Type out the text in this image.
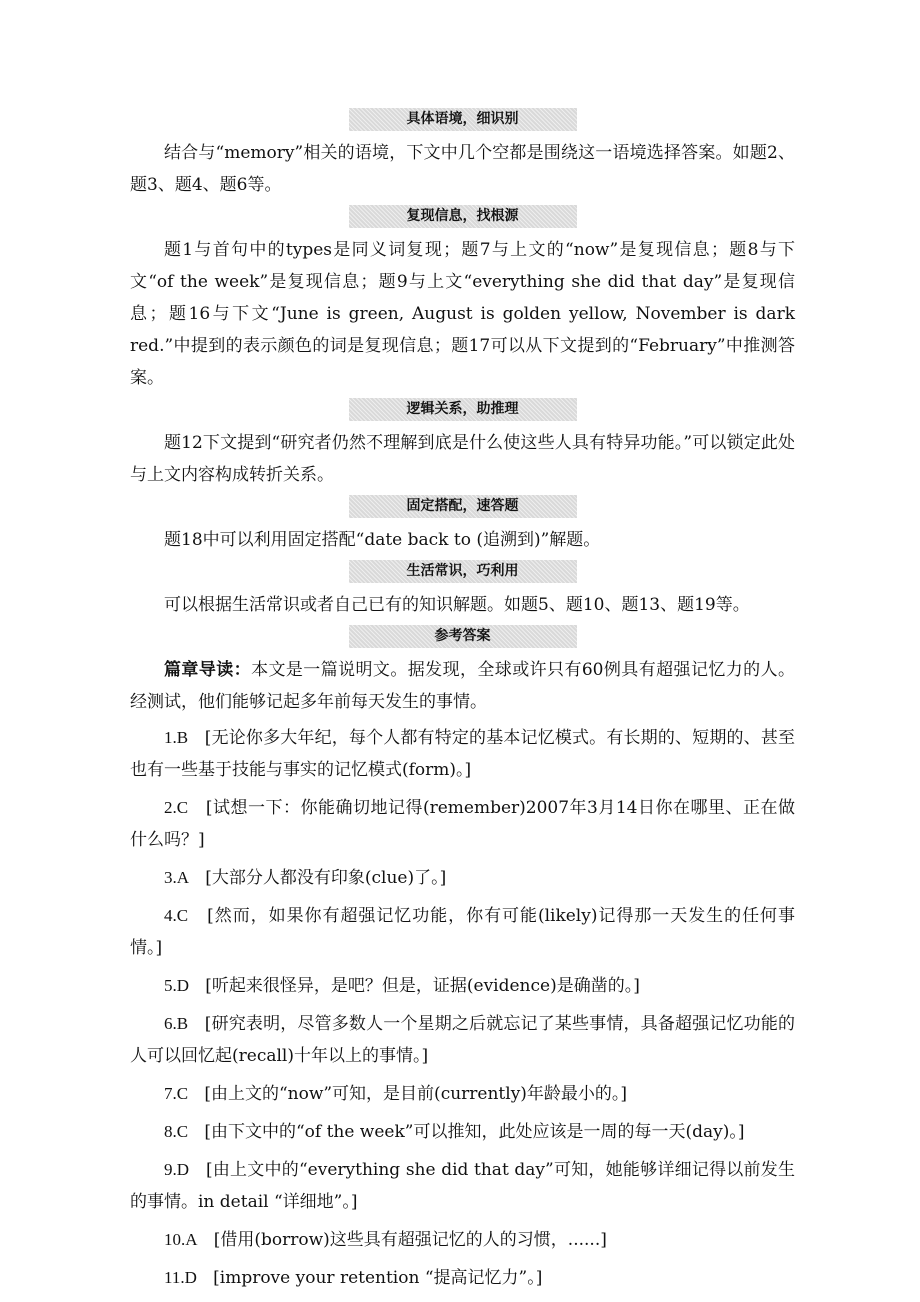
具体语境，细识别

结合与“memory”相关的语境，下文中几个空都是围绕这一语境选择答案。如题2、题3、题4、题6等。

复现信息，找根源

题1与首句中的types是同义词复现；题7与上文的“now”是复现信息；题8与下文“of the week”是复现信息；题9与上文“everything she did that day”是复现信息；题16与下文“June is green, August is golden yellow, November is dark red.”中提到的表示颜色的词是复现信息；题17可以从下文提到的“February”中推测答案。

逻辑关系，助推理

题12下文提到“研究者仍然不理解到底是什么使这些人具有特异功能。”可以锁定此处与上文内容构成转折关系。

固定搭配，速答题

题18中可以利用固定搭配“date back to (追溯到)”解题。

生活常识，巧利用

可以根据生活常识或者自己已有的知识解题。如题5、题10、题13、题19等。

参考答案

篇章导读：本文是一篇说明文。据发现，全球或许只有60例具有超强记忆力的人。经测试，他们能够记起多年前每天发生的事情。

1.B [无论你多大年纪，每个人都有特定的基本记忆模式。有长期的、短期的、甚至也有一些基于技能与事实的记忆模式(form)。]

2.C [试想一下：你能确切地记得(remember)2007年3月14日你在哪里、正在做什么吗？]

3.A [大部分人都没有印象(clue)了。]

4.C [然而，如果你有超强记忆功能，你有可能(likely)记得那一天发生的任何事情。]

5.D [听起来很怪异，是吧？但是，证据(evidence)是确凿的。]

6.B [研究表明，尽管多数人一个星期之后就忘记了某些事情，具备超强记忆功能的人可以回忆起(recall)十年以上的事情。]

7.C [由上文的“now”可知，是目前(currently)年龄最小的。]

8.C [由下文中的“of the week”可以推知，此处应该是一周的每一天(day)。]

9.D [由上文中的“everything she did that day”可知，她能够详细记得以前发生的事情。in detail “详细地”。]

10.A [借用(borrow)这些具有超强记忆的人的习惯，......]

11.D [improve your retention “提高记忆力”。]
